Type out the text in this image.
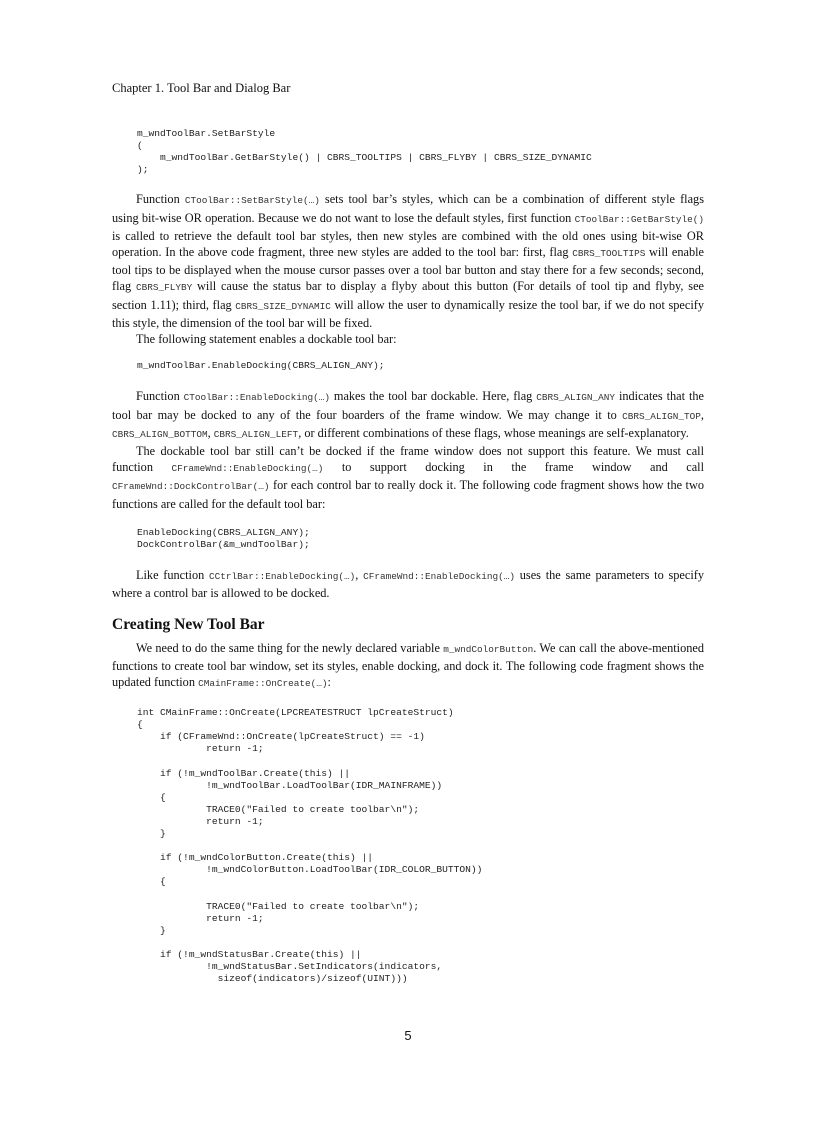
Chapter 1. Tool Bar and Dialog Bar
m_wndToolBar.SetBarStyle
(
m_wndToolBar.GetBarStyle() | CBRS_TOOLTIPS | CBRS_FLYBY | CBRS_SIZE_DYNAMIC
);

Function CToolBar::SetBarStyle(…) sets tool bar’s styles, which can be a combination of different style flags using bit-wise OR operation. Because we do not want to lose the default styles, first function CToolBar::GetBarStyle() is called to retrieve the default tool bar styles, then new styles are combined with the old ones using bit-wise OR operation. In the above code fragment, three new styles are added to the tool bar: first, flag CBRS_TOOLTIPS will enable tool tips to be displayed when the mouse cursor passes over a tool bar button and stay there for a few seconds; second, flag CBRS_FLYBY will cause the status bar to display a flyby about this button (For details of tool tip and flyby, see section 1.11); third, flag CBRS_SIZE_DYNAMIC will allow the user to dynamically resize the tool bar, if we do not specify this style, the dimension of the tool bar will be fixed.

The following statement enables a dockable tool bar:

m_wndToolBar.EnableDocking(CBRS_ALIGN_ANY);

Function CToolBar::EnableDocking(…) makes the tool bar dockable. Here, flag CBRS_ALIGN_ANY indicates that the tool bar may be docked to any of the four boarders of the frame window. We may change it to CBRS_ALIGN_TOP, CBRS_ALIGN_BOTTOM, CBRS_ALIGN_LEFT, or different combinations of these flags, whose meanings are self-explanatory.

The dockable tool bar still can’t be docked if the frame window does not support this feature. We must call function CFrameWnd::EnableDocking(…) to support docking in the frame window and call CFrameWnd::DockControlBar(…) for each control bar to really dock it. The following code fragment shows how the two functions are called for the default tool bar:

EnableDocking(CBRS_ALIGN_ANY);
DockControlBar(&m_wndToolBar);

Like function CCtrlBar::EnableDocking(…), CFrameWnd::EnableDocking(…) uses the same parameters to specify where a control bar is allowed to be docked.

Creating New Tool Bar

We need to do the same thing for the newly declared variable m_wndColorButton. We can call the above-mentioned functions to create tool bar window, set its styles, enable docking, and dock it. The following code fragment shows the updated function CMainFrame::OnCreate(…):

int CMainFrame::OnCreate(LPCREATESTRUCT lpCreateStruct)
{
if (CFrameWnd::OnCreate(lpCreateStruct) == -1)
return -1;

if (!m_wndToolBar.Create(this) ||
!m_wndToolBar.LoadToolBar(IDR_MAINFRAME))
{
TRACE0("Failed to create toolbar\n");
return -1;
}

if (!m_wndColorButton.Create(this) ||
!m_wndColorButton.LoadToolBar(IDR_COLOR_BUTTON))
{

TRACE0("Failed to create toolbar\n");
return -1;
}

if (!m_wndStatusBar.Create(this) ||
!m_wndStatusBar.SetIndicators(indicators,
sizeof(indicators)/sizeof(UINT)))
5
